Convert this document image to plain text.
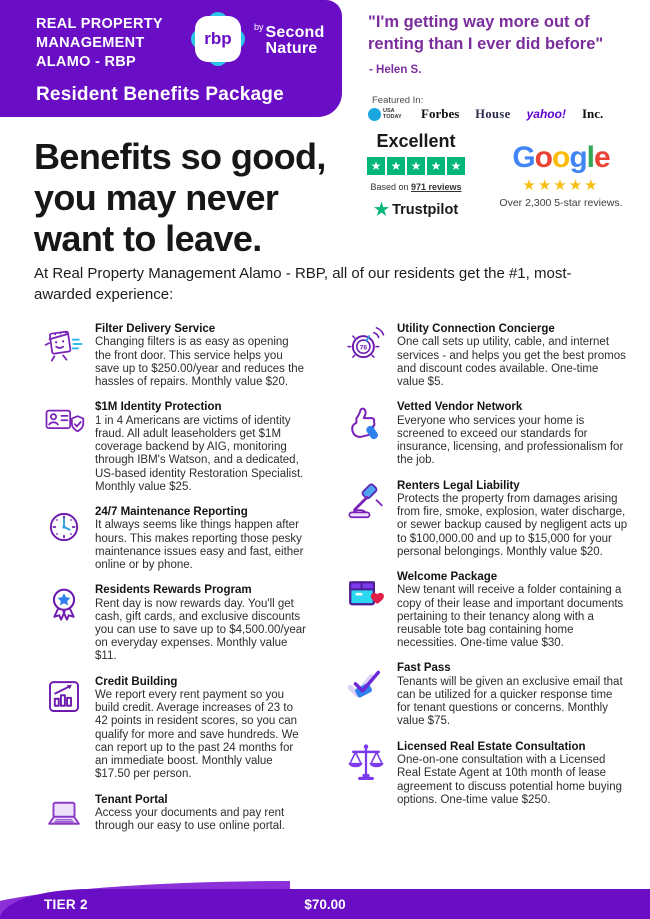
REAL PROPERTY
MANAGEMENT
ALAMO - RBP
rbp
by Second
Nature
Resident Benefits Package
"I'm getting way more out of renting than I ever did before"
- Helen S.
Featured In:
USA TODAY Forbes House yahoo! Inc.
Excellent
★ ★ ★ ★ ★
Based on 971 reviews
★ Trustpilot
Google
★★★★★
Over 2,300 5-star reviews.
Benefits so good,
you may never
want to leave.
At Real Property Management Alamo - RBP, all of our residents get the #1, most-awarded experience:
Filter Delivery Service
Changing filters is as easy as opening the front door. This service helps you save up to $250.00/year and reduces the hassles of repairs. Monthly value $20.
$1M Identity Protection
1 in 4 Americans are victims of identity fraud. All adult leaseholders get $1M coverage backend by AIG, monitoring through IBM's Watson, and a dedicated, US-based identity Restoration Specialist. Monthly value $25.
24/7 Maintenance Reporting
It always seems like things happen after hours. This makes reporting those pesky maintenance issues easy and fast, either online or by phone.
Residents Rewards Program
Rent day is now rewards day. You'll get cash, gift cards, and exclusive discounts you can use to save up to $4,500.00/year on everyday expenses. Monthly value $11.
Credit Building
We report every rent payment so you build credit. Average increases of 23 to 42 points in resident scores, so you can qualify for more and save hundreds. We can report up to the past 24 months for an immediate boost. Monthly value $17.50 per person.
Tenant Portal
Access your documents and pay rent through our easy to use online portal.
76
Utility Connection Concierge
One call sets up utility, cable, and internet services - and helps you get the best promos and discount codes available. One-time value $5.
Vetted Vendor Network
Everyone who services your home is screened to exceed our standards for insurance, licensing, and professionalism for the job.
Renters Legal Liability
Protects the property from damages arising from fire, smoke, explosion, water discharge, or sewer backup caused by negligent acts up to $100,000.00 and up to $15,000 for your personal belongings. Monthly value $20.
Welcome Package
New tenant will receive a folder containing a copy of their lease and important documents pertaining to their tenancy along with a reusable tote bag containing home necessities. One-time value $30.
Fast Pass
Tenants will be given an exclusive email that can be utilized for a quicker response time for tenant questions or concerns. Monthly value $75.
Licensed Real Estate Consultation
One-on-one consultation with a Licensed Real Estate Agent at 10th month of lease agreement to discuss potential home buying options. One-time value $250.
TIER 2	$70.00
